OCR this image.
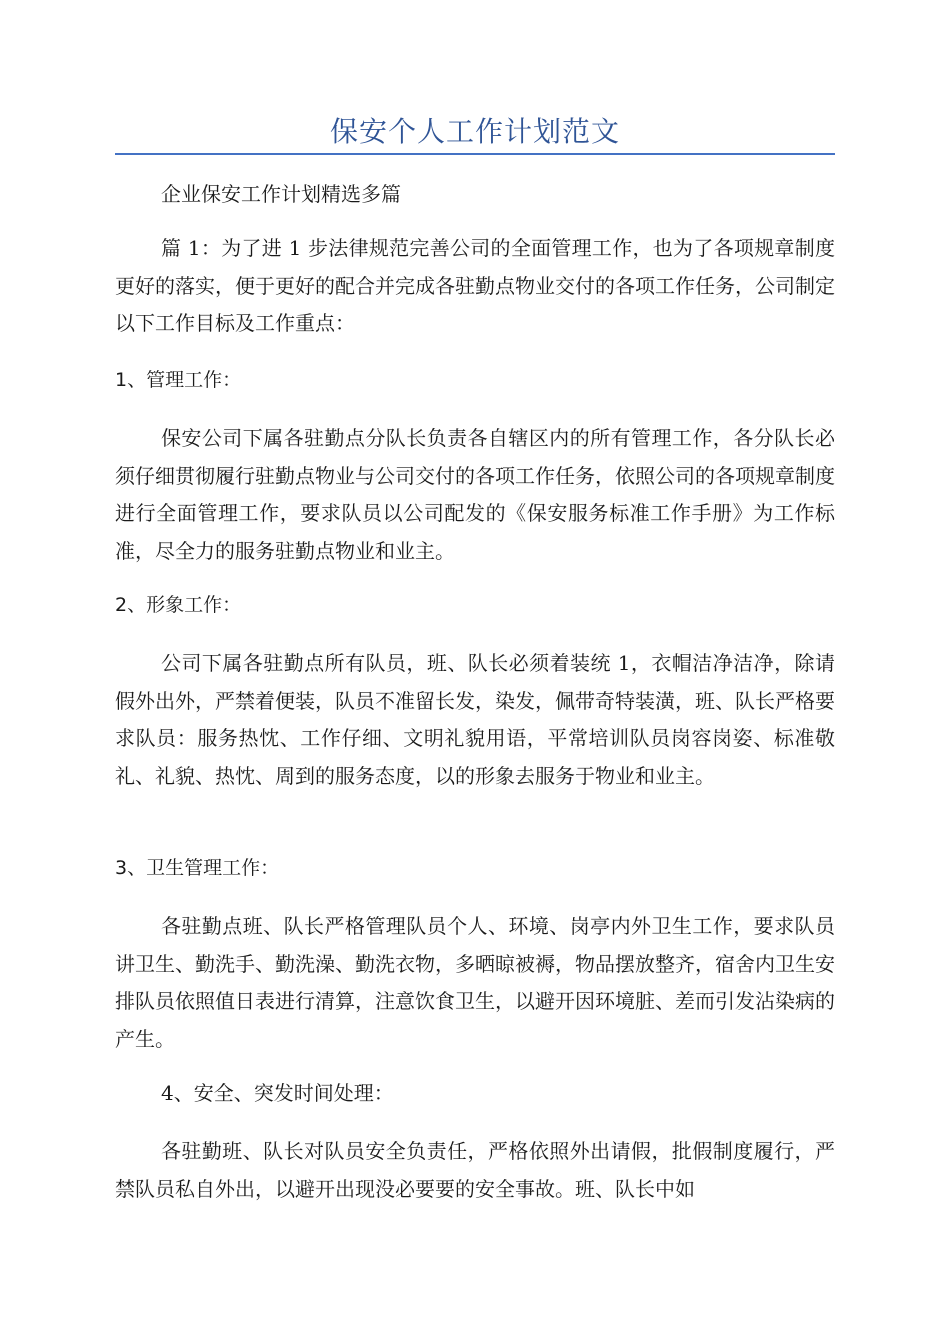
保安个人工作计划范文

企业保安工作计划精选多篇

篇 1：为了进 1 步法律规范完善公司的全面管理工作，也为了各项规章制度更好的落实，便于更好的配合并完成各驻勤点物业交付的各项工作任务，公司制定以下工作目标及工作重点：

1、管理工作：

保安公司下属各驻勤点分队长负责各自辖区内的所有管理工作，各分队长必须仔细贯彻履行驻勤点物业与公司交付的各项工作任务，依照公司的各项规章制度进行全面管理工作，要求队员以公司配发的《保安服务标准工作手册》为工作标准，尽全力的服务驻勤点物业和业主。

2、形象工作：

公司下属各驻勤点所有队员，班、队长必须着装统 1，衣帽洁净洁净，除请假外出外，严禁着便装，队员不准留长发，染发，佩带奇特装潢，班、队长严格要求队员：服务热忱、工作仔细、文明礼貌用语，平常培训队员岗容岗姿、标准敬礼、礼貌、热忱、周到的服务态度，以的形象去服务于物业和业主。

3、卫生管理工作：

各驻勤点班、队长严格管理队员个人、环境、岗亭内外卫生工作，要求队员讲卫生、勤洗手、勤洗澡、勤洗衣物，多晒晾被褥，物品摆放整齐，宿舍内卫生安排队员依照值日表进行清算，注意饮食卫生，以避开因环境脏、差而引发沾染病的产生。

4、安全、突发时间处理：

各驻勤班、队长对队员安全负责任，严格依照外出请假，批假制度履行，严禁队员私自外出，以避开出现没必要要的安全事故。班、队长中如
